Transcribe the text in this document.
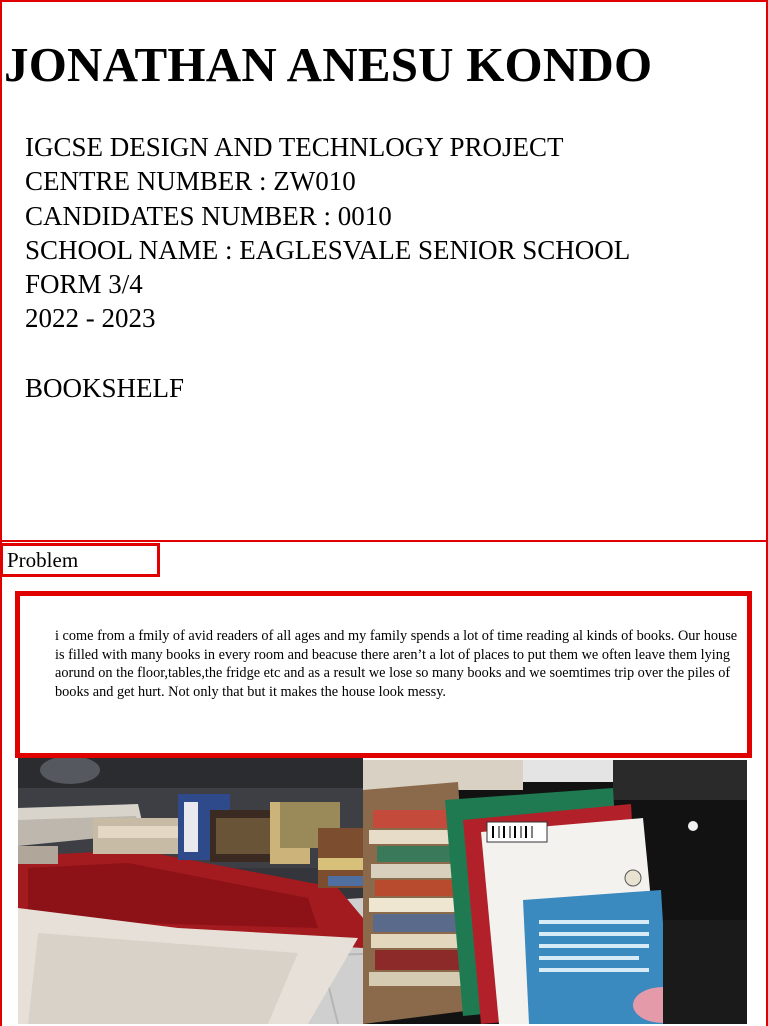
JONATHAN ANESU KONDO
IGCSE DESIGN AND TECHNLOGY PROJECT
CENTRE NUMBER : ZW010
CANDIDATES NUMBER : 0010
SCHOOL NAME : EAGLESVALE SENIOR SCHOOL
FORM 3/4
2022 - 2023
BOOKSHELF
Problem
i come from a fmily of avid readers of all ages and my family spends a lot of time reading al kinds of books. Our house is filled with many books in every room and beacuse there aren’t a lot of places to put them we often leave them lying aorund on the floor,tables,the fridge etc and as a result we lose so many books and we soemtimes trip over the piles of books and get hurt. Not only that but it makes the house look messy.
